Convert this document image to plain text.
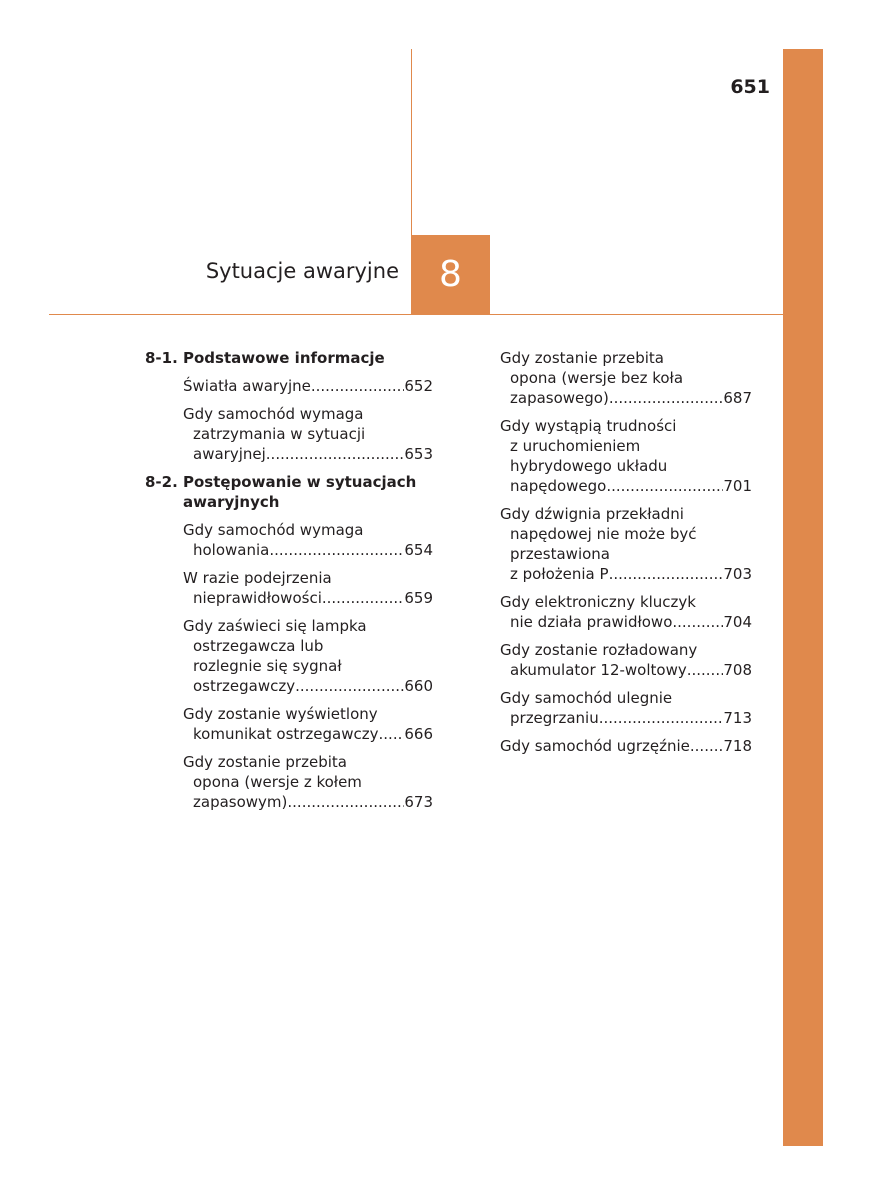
651
8
Sytuacje awaryjne
8-1. Podstawowe informacje
Światła awaryjne .....	652
Gdy samochód wymaga
zatrzymania w sytuacji
awaryjnej .....	653
8-2. Postępowanie w sytuacjach awaryjnych
Gdy samochód wymaga
holowania .....	654
W razie podejrzenia
nieprawidłowości .....	659
Gdy zaświeci się lampka
ostrzegawcza lub
rozlegnie się sygnał
ostrzegawczy .....	660
Gdy zostanie wyświetlony
komunikat ostrzegawczy ..... 666
Gdy zostanie przebita
opona (wersje z kołem
zapasowym) .....	673
Gdy zostanie przebita
opona (wersje bez koła
zapasowego) .....	687
Gdy wystąpią trudności
z uruchomieniem
hybrydowego układu
napędowego .....	701
Gdy dźwignia przekładni
napędowej nie może być
przestawiona
z położenia P .....	703
Gdy elektroniczny kluczyk
nie działa prawidłowo .....	704
Gdy zostanie rozładowany
akumulator 12-woltowy ..... 708
Gdy samochód ulegnie
przegrzaniu .....	713
Gdy samochód ugrzęźnie ..... 718
